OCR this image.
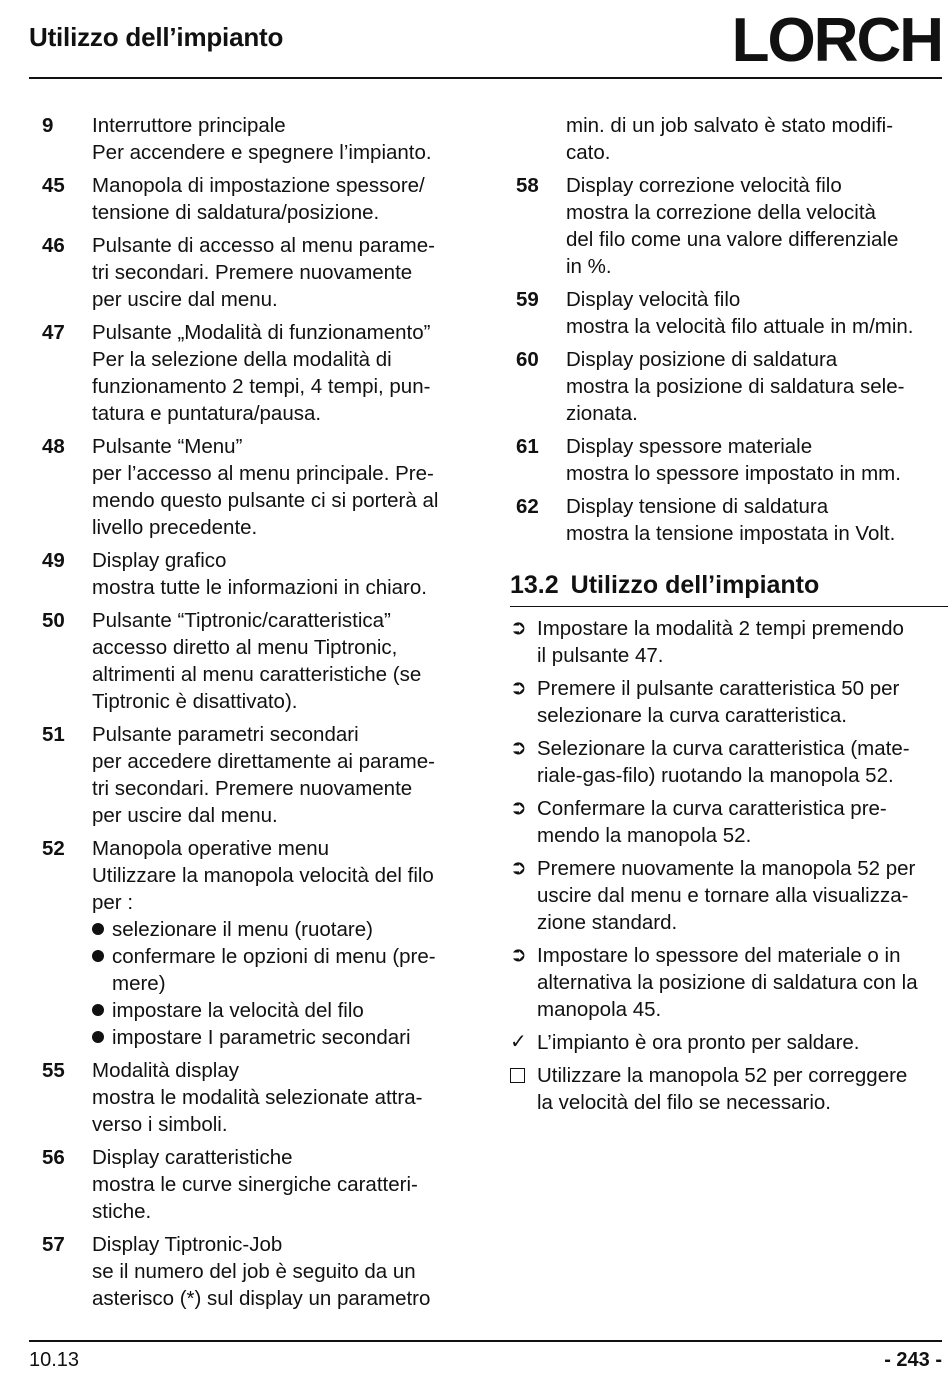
Utilizzo dell’impianto	LORCH
9	Interruttore principale
Per accendere e spegnere l’impianto.
45	Manopola di impostazione spessore/
tensione di saldatura/posizione.
46	Pulsante di accesso al menu parame-
tri secondari. Premere nuovamente
per uscire dal menu.
47	Pulsante „Modalità di funzionamento”
Per la selezione della modalità di
funzionamento 2 tempi, 4 tempi, pun-
tatura e puntatura/pausa.
48	Pulsante “Menu”
per l’accesso al menu principale. Pre-
mendo questo pulsante ci si porterà al
livello precedente.
49	Display grafico
mostra tutte le informazioni in chiaro.
50	Pulsante “Tiptronic/caratteristica”
accesso diretto al menu Tiptronic,
altrimenti al menu caratteristiche (se
Tiptronic è disattivato).
51	Pulsante parametri secondari
per accedere direttamente ai parame-
tri secondari. Premere nuovamente
per uscire dal menu.
52	Manopola operative menu
Utilizzare la manopola velocità del filo
per :
selezionare il menu (ruotare)
confermare le opzioni di menu (pre-
mere)
impostare la velocità del filo
impostare I parametric secondari
55	Modalità display
mostra le modalità selezionate attra-
verso i simboli.
56	Display caratteristiche
mostra le curve sinergiche caratteri-
stiche.
57	Display Tiptronic-Job
se il numero del job è seguito da un
asterisco (*) sul display un parametro
min. di un job salvato è stato modifi-
cato.
58	Display correzione velocità filo
mostra la correzione della velocità
del filo come una valore differenziale
in %.
59	Display velocità filo
mostra la velocità filo attuale in m/min.
60	Display posizione di saldatura
mostra la posizione di saldatura sele-
zionata.
61	Display spessore materiale
mostra lo spessore impostato in mm.
62	Display tensione di saldatura
mostra la tensione impostata in Volt.
13.2 Utilizzo dell’impianto
➲ Impostare la modalità 2 tempi premendo
il pulsante 47.
➲ Premere il pulsante caratteristica 50 per
selezionare la curva caratteristica.
➲ Selezionare la curva caratteristica (mate-
riale-gas-filo) ruotando la manopola 52.
➲ Confermare la curva caratteristica pre-
mendo la manopola 52.
➲ Premere nuovamente la manopola 52 per
uscire dal menu e tornare alla visualizza-
zione standard.
➲ Impostare lo spessore del materiale o in
alternativa la posizione di saldatura con la
manopola 45.
✓ L’impianto è ora pronto per saldare.
Utilizzare la manopola 52 per correggere
la velocità del filo se necessario.
10.13	- 243 -
